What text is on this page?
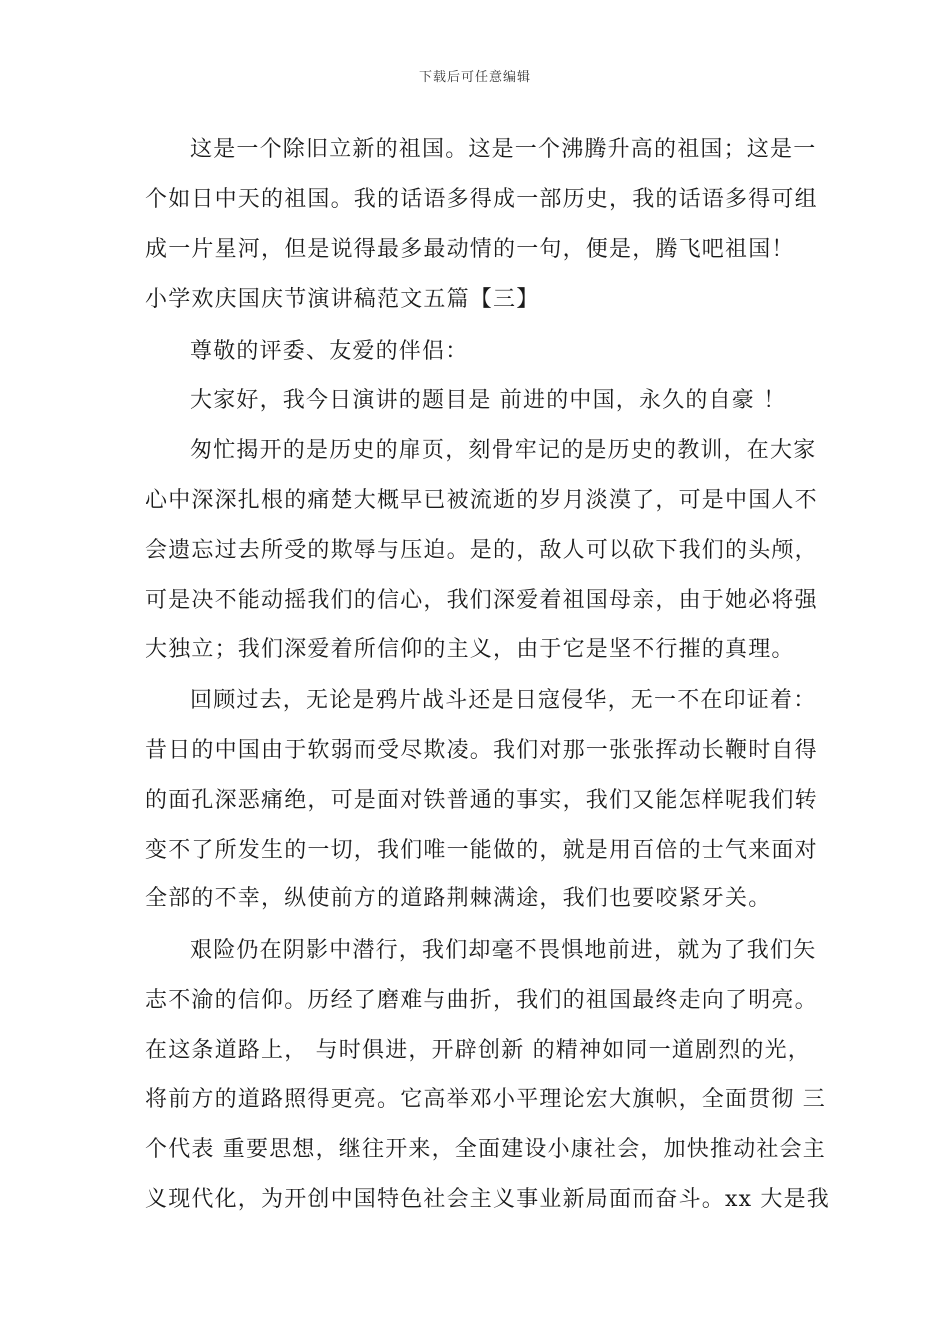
下载后可任意编辑
这是一个除旧立新的祖国。这是一个沸腾升高的祖国；这是一
个如日中天的祖国。我的话语多得成一部历史，我的话语多得可组
成一片星河，但是说得最多最动情的一句，便是，腾飞吧祖国！
小学欢庆国庆节演讲稿范文五篇【三】
尊敬的评委、友爱的伴侣：
大家好，我今日演讲的题目是 前进的中国，永久的自豪 ！
匆忙揭开的是历史的扉页，刻骨牢记的是历史的教训，在大家
心中深深扎根的痛楚大概早已被流逝的岁月淡漠了，可是中国人不
会遗忘过去所受的欺辱与压迫。是的，敌人可以砍下我们的头颅，
可是决不能动摇我们的信心，我们深爱着祖国母亲，由于她必将强
大独立；我们深爱着所信仰的主义，由于它是坚不行摧的真理。
回顾过去，无论是鸦片战斗还是日寇侵华，无一不在印证着：
昔日的中国由于软弱而受尽欺凌。我们对那一张张挥动长鞭时自得
的面孔深恶痛绝，可是面对铁普通的事实，我们又能怎样呢我们转
变不了所发生的一切，我们唯一能做的，就是用百倍的士气来面对
全部的不幸，纵使前方的道路荆棘满途，我们也要咬紧牙关。
艰险仍在阴影中潜行，我们却毫不畏惧地前进，就为了我们矢
志不渝的信仰。历经了磨难与曲折，我们的祖国最终走向了明亮。
在这条道路上， 与时俱进，开辟创新 的精神如同一道剧烈的光，
将前方的道路照得更亮。它高举邓小平理论宏大旗帜，全面贯彻 三
个代表 重要思想，继往开来，全面建设小康社会，加快推动社会主
义现代化，为开创中国特色社会主义事业新局面而奋斗。xx 大是我
